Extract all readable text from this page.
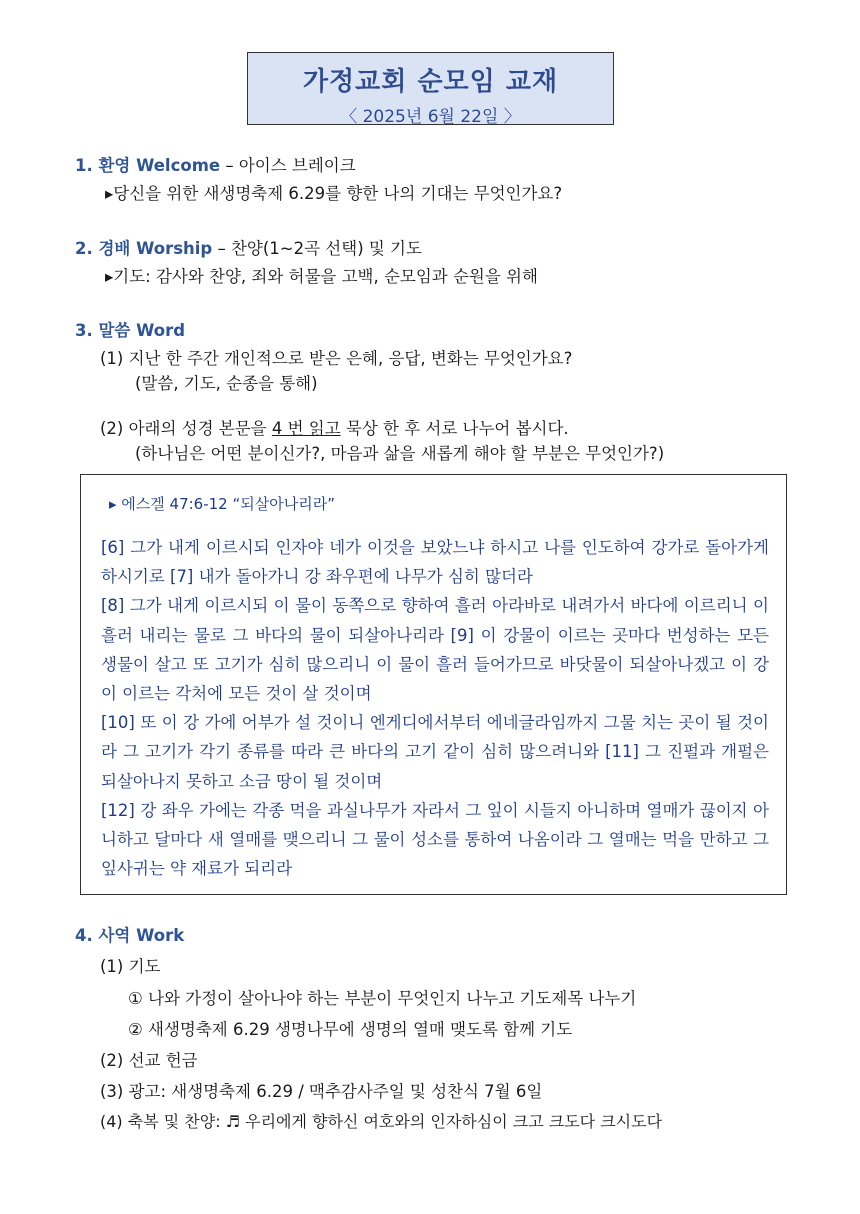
가정교회 순모임 교재
〈 2025년 6월 22일 〉
1. 환영 Welcome – 아이스 브레이크
▸당신을 위한 새생명축제 6.29를 향한 나의 기대는 무엇인가요?
2. 경배 Worship – 찬양(1~2곡 선택) 및 기도
▸기도: 감사와 찬양, 죄와 허물을 고백, 순모임과 순원을 위해
3. 말씀 Word
(1) 지난 한 주간 개인적으로 받은 은혜, 응답, 변화는 무엇인가요?
(말씀, 기도, 순종을 통해)
(2) 아래의 성경 본문을 4 번 읽고 묵상 한 후 서로 나누어 봅시다.
(하나님은 어떤 분이신가?, 마음과 삶을 새롭게 해야 할 부분은 무엇인가?)
▸ 에스겔 47:6-12 “되살아나리라”
[6] 그가 내게 이르시되 인자야 네가 이것을 보았느냐 하시고 나를 인도하여 강가로 돌아가게 하시기로 [7] 내가 돌아가니 강 좌우편에 나무가 심히 많더라
[8] 그가 내게 이르시되 이 물이 동쪽으로 향하여 흘러 아라바로 내려가서 바다에 이르리니 이 흘러 내리는 물로 그 바다의 물이 되살아나리라 [9] 이 강물이 이르는 곳마다 번성하는 모든 생물이 살고 또 고기가 심히 많으리니 이 물이 흘러 들어가므로 바닷물이 되살아나겠고 이 강이 이르는 각처에 모든 것이 살 것이며
[10] 또 이 강 가에 어부가 설 것이니 엔게디에서부터 에네글라임까지 그물 치는 곳이 될 것이라 그 고기가 각기 종류를 따라 큰 바다의 고기 같이 심히 많으려니와 [11] 그 진펄과 개펄은 되살아나지 못하고 소금 땅이 될 것이며
[12] 강 좌우 가에는 각종 먹을 과실나무가 자라서 그 잎이 시들지 아니하며 열매가 끊이지 아니하고 달마다 새 열매를 맺으리니 그 물이 성소를 통하여 나옴이라 그 열매는 먹을 만하고 그 잎사귀는 약 재료가 되리라
4. 사역 Work
(1) 기도
① 나와 가정이 살아나야 하는 부분이 무엇인지 나누고 기도제목 나누기
② 새생명축제 6.29 생명나무에 생명의 열매 맺도록 함께 기도
(2) 선교 헌금
(3) 광고: 새생명축제 6.29 / 맥추감사주일 및 성찬식 7월 6일
(4) 축복 및 찬양: ♬ 우리에게 향하신 여호와의 인자하심이 크고 크도다 크시도다
